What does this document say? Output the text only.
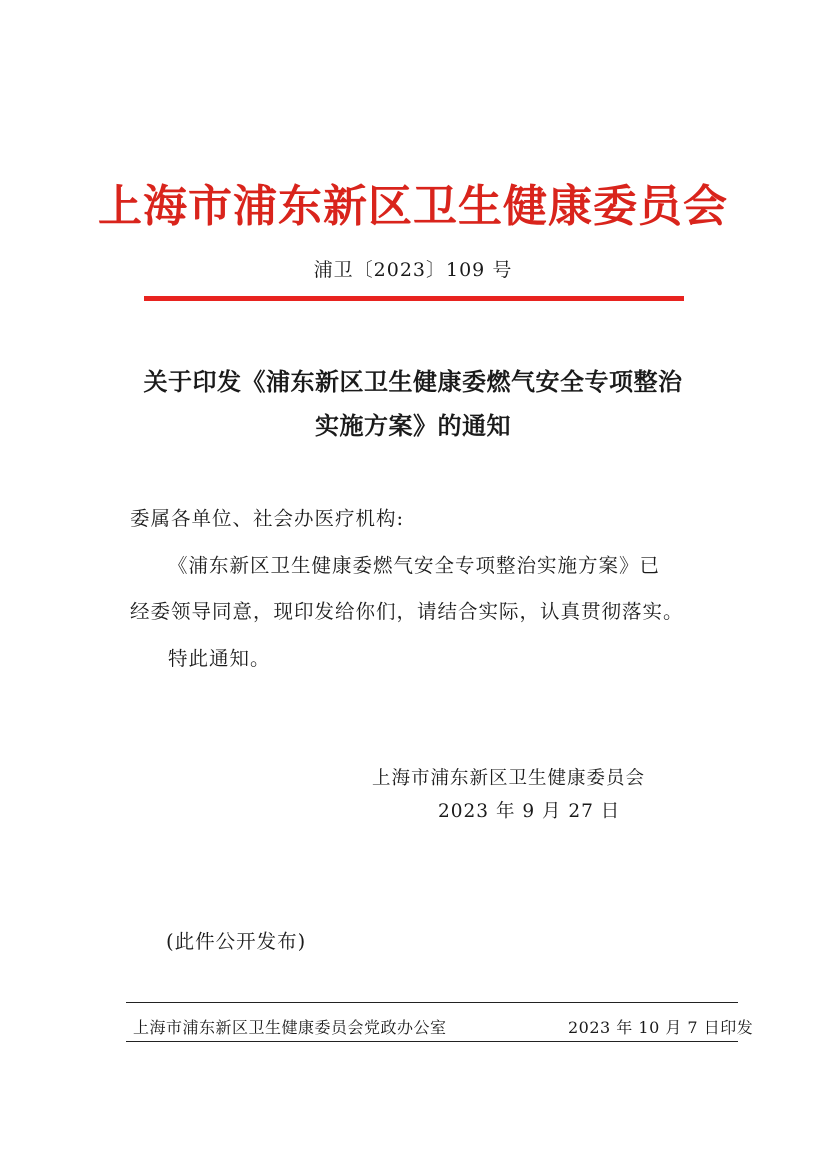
上海市浦东新区卫生健康委员会
浦卫〔2023〕109 号
关于印发《浦东新区卫生健康委燃气安全专项整治
实施方案》的通知
委属各单位、社会办医疗机构:
《浦东新区卫生健康委燃气安全专项整治实施方案》已
经委领导同意，现印发给你们，请结合实际，认真贯彻落实。
特此通知。
上海市浦东新区卫生健康委员会
2023 年 9 月 27 日
(此件公开发布)
上海市浦东新区卫生健康委员会党政办公室	2023 年 10 月 7 日印发
